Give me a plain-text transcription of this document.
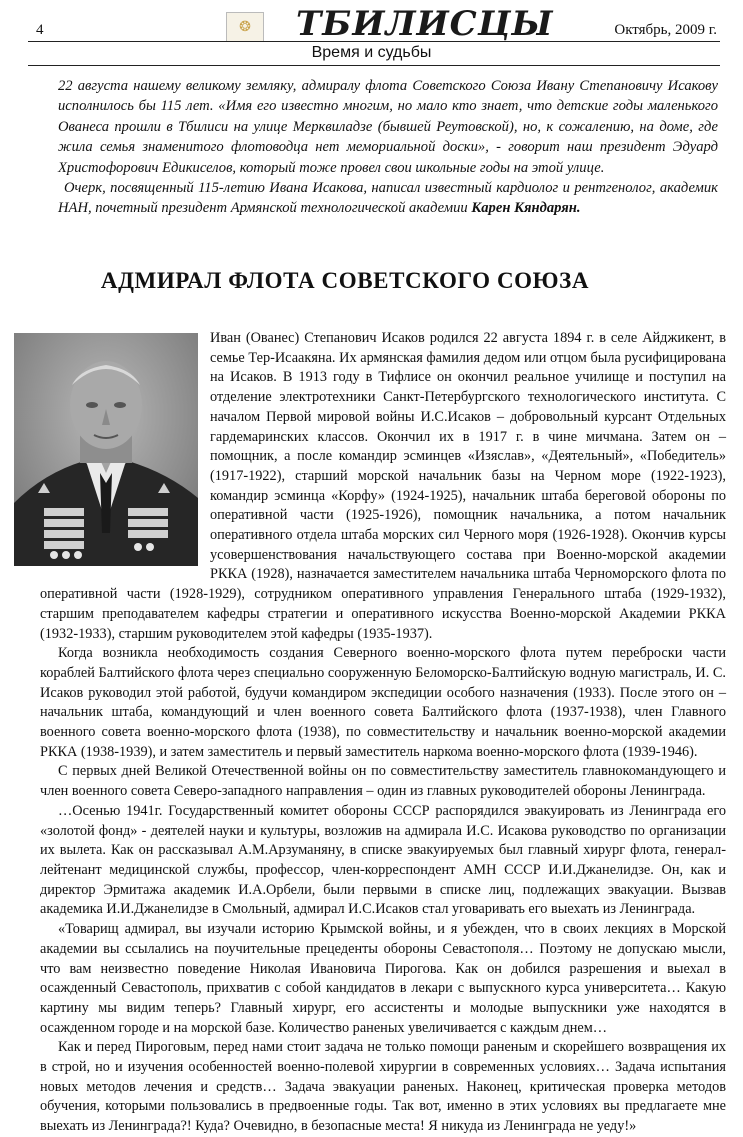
4	❂ ТБИЛИСЦЫ	Октябрь, 2009 г.
Время и судьбы

22 августа нашему великому земляку, адмиралу флота Советского Союза Ивану Степановичу Исакову исполнилось бы 115 лет. «Имя его известно многим, но мало кто знает, что детские годы маленького Ованеса прошли в Тбилиси на улице Мерквиладзе (бывшей Реутовской), но, к сожалению, на доме, где жила семья знаменитого флотоводца нет мемориальной доски», - говорит наш президент Эдуард Христофорович Едикиселов, который тоже провел свои школьные годы на этой улице.

Очерк, посвященный 115-летию Ивана Исакова, написал известный кардиолог и рентгенолог, академик НАН, почетный президент Армянской технологической академии Карен Кяндарян.

АДМИРАЛ ФЛОТА СОВЕТСКОГО СОЮЗА

Иван (Ованес) Степанович Исаков родился 22 августа 1894 г. в селе Айджикент, в семье Тер-Исаакяна. Их армянская фамилия дедом или отцом была русифицирована на Исаков. В 1913 году в Тифлисе он окончил реальное училище и поступил на отделение электротехники Санкт-Петербургского технологического института. С началом Первой мировой войны И.С.Исаков – добровольный курсант Отдельных гардемаринских классов. Окончил их в 1917 г. в чине мичмана. Затем он – помощник, а после командир эсминцев «Изяслав», «Деятельный», «Победитель» (1917-1922), старший морской начальник базы на Черном море (1922-1923), командир эсминца «Корфу» (1924-1925), начальник штаба береговой обороны по оперативной части (1925-1926), помощник начальника, а потом начальник оперативного отдела штаба морских сил Черного моря (1926-1928). Окончив курсы усовершенствования начальствующего состава при Военно-морской академии РККА (1928), назначается заместителем начальника штаба Черноморского флота по оперативной части (1928-1929), сотрудником оперативного управления Генерального штаба (1929-1932), старшим преподавателем кафедры стратегии и оперативного искусства Военно-морской Академии РККА (1932-1933), старшим руководителем этой кафедры (1935-1937).

Когда возникла необходимость создания Северного военно-морского флота путем переброски части кораблей Балтийского флота через специально сооруженную Беломорско-Балтийскую водную магистраль, И. С. Исаков руководил этой работой, будучи командиром экспедиции особого назначения (1933). После этого он – начальник штаба, командующий и член военного совета Балтийского флота (1937-1938), член Главного военного совета военно-морского флота (1938), по совместительству и начальник военно-морской академии РККА (1938-1939), и затем заместитель и первый заместитель наркома военно-морского флота (1939-1946).

С первых дней Великой Отечественной войны он по совместительству заместитель главнокомандующего и член военного совета Северо-западного направления – один из главных руководителей обороны Ленинграда.

…Осенью 1941г. Государственный комитет обороны СССР распорядился эвакуировать из Ленинграда его «золотой фонд» - деятелей науки и культуры, возложив на адмирала И.С. Исакова руководство по организации их вылета. Как он рассказывал А.М.Арзуманяну, в списке эвакуируемых был главный хирург флота, генерал-лейтенант медицинской службы, профессор, член-корреспондент АМН СССР И.И.Джанелидзе. Он, как и директор Эрмитажа академик И.А.Орбели, были первыми в списке лиц, подлежащих эвакуации. Вызвав академика И.И.Джанелидзе в Смольный, адмирал И.С.Исаков стал уговаривать его выехать из Ленинграда.

«Товарищ адмирал, вы изучали историю Крымской войны, и я убежден, что в своих лекциях в Морской академии вы ссылались на поучительные прецеденты обороны Севастополя… Поэтому не допускаю мысли, что вам неизвестно поведение Николая Ивановича Пирогова. Как он добился разрешения и выехал в осажденный Севастополь, прихватив с собой кандидатов в лекари с выпускного курса университета… Какую картину мы видим теперь? Главный хирург, его ассистенты и молодые выпускники уже находятся в осажденном городе и на морской базе. Количество раненых увеличивается с каждым днем…

Как и перед Пироговым, перед нами стоит задача не только помощи раненым и скорейшего возвращения их в строй, но и изучения особенностей военно-полевой хирургии в современных условиях… Задача испытания новых методов лечения и средств… Задача эвакуации раненых. Наконец, критическая проверка методов обучения, которыми пользовались в предвоенные годы. Так вот, именно в этих условиях вы предлагаете мне выехать из Ленинграда?! Куда? Очевидно, в безопасные места! Я никуда из Ленинграда не уеду!»
